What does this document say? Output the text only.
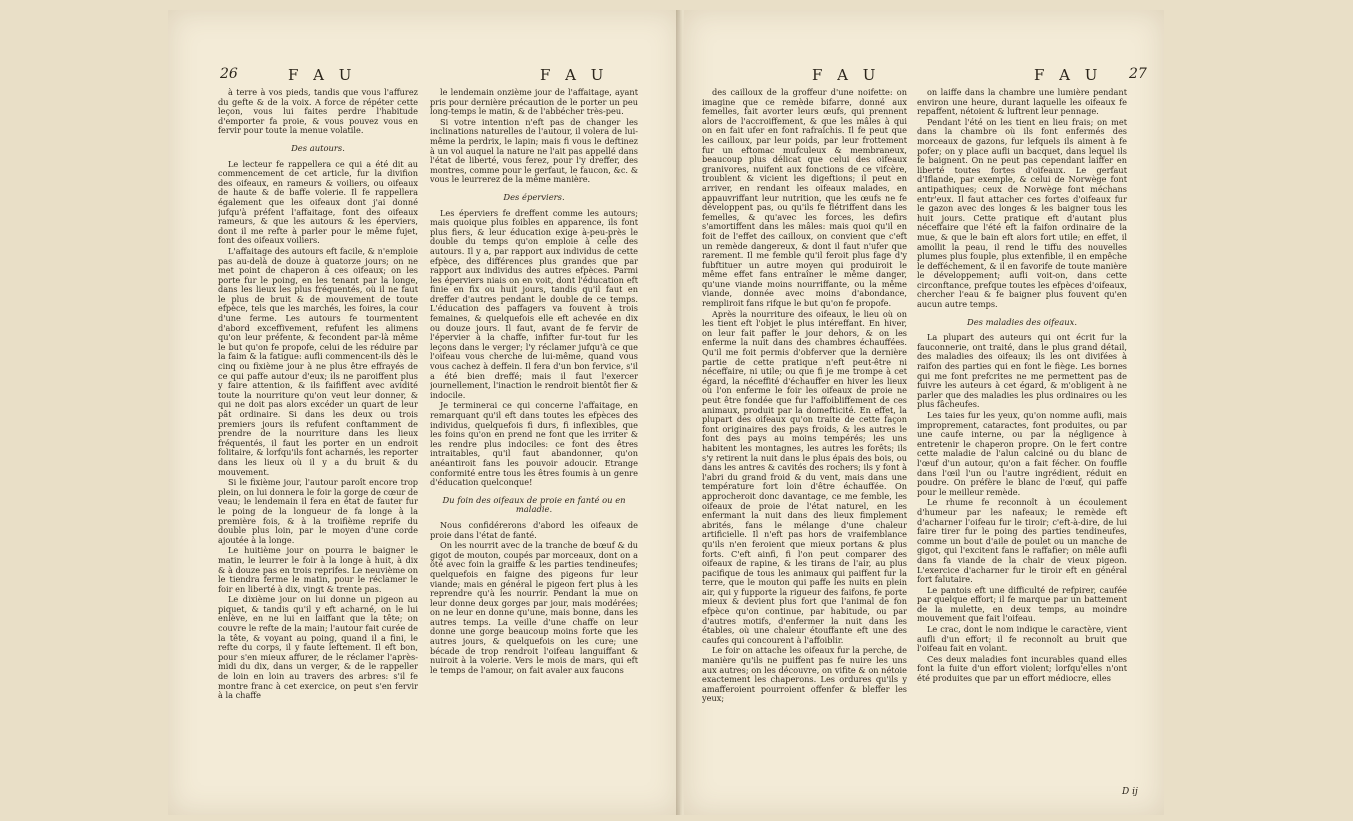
26	F A U	F A U

à terre à vos pieds, tandis que vous l'affurez du gefte & de la voix. A force de répéter cette leçon, vous lui faites perdre l'habitude d'emporter fa proie, & vous pouvez vous en fervir pour toute la menue volatile.

Des autours.

Le lecteur fe rappellera ce qui a été dit au commencement de cet article, fur la divifion des oifeaux, en rameurs & voiliers, ou oifeaux de haute & de baffe volerie. Il fe rappellera également que les oifeaux dont j'ai donné jufqu'à préfent l'affaitage, font des oifeaux rameurs, & que les autours & les éperviers, dont il me refte à parler pour le même fujet, font des oifeaux voiliers.

L'affaitage des autours eft facile, & n'emploie pas au-delà de douze à quatorze jours; on ne met point de chaperon à ces oifeaux; on les porte fur le poing, en les tenant par la longe, dans les lieux les plus fréquentés, où il ne faut le plus de bruit & de mouvement de toute efpèce, tels que les marchés, les foires, la cour d'une ferme. Les autours fe tourmentent d'abord exceffivement, refufent les alimens qu'on leur préfente, & fecondent par-là même le but qu'on fe propofe, celui de les réduire par la faim & la fatigue: aufli commencent-ils dès le cinq ou fixième jour à ne plus être effrayés de ce qui paffe autour d'eux; ils ne paroiffent plus y faire attention, & ils faififfent avec avidité toute la nourriture qu'on veut leur donner, & qui ne doit pas alors excéder un quart de leur pât ordinaire. Si dans les deux ou trois premiers jours ils refufent conftamment de prendre de la nourriture dans les lieux fréquentés, il faut les porter en un endroit folitaire, & lorfqu'ils font acharnés, les reporter dans les lieux où il y a du bruit & du mouvement.

Si le fixième jour, l'autour paroît encore trop plein, on lui donnera le foir la gorge de cœur de veau; le lendemain il fera en état de fauter fur le poing de la longueur de fa longe à la première fois, & à la troifième reprife du double plus loin, par le moyen d'une corde ajoutée à la longe.

Le huitième jour on pourra le baigner le matin, le leurrer le foir à la longe à huit, à dix & à douze pas en trois reprifes. Le neuvième on le tiendra ferme le matin, pour le réclamer le foir en liberté à dix, vingt & trente pas.

Le dixième jour on lui donne un pigeon au piquet, & tandis qu'il y eft acharné, on le lui enlève, en ne lui en laiffant que la tête; on couvre le refte de la main; l'autour fait curée de la tête, & voyant au poing, quand il a fini, le refte du corps, il y faute leftement. Il eft bon, pour s'en mieux affurer, de le réclamer l'après-midi du dix, dans un verger, & de le rappeller de loin en loin au travers des arbres: s'il fe montre franc à cet exercice, on peut s'en fervir à la chaffe

le lendemain onzième jour de l'affaitage, ayant pris pour dernière précaution de le porter un peu long-temps le matin, & de l'abbécher très-peu.

Si votre intention n'eft pas de changer les inclinations naturelles de l'autour, il volera de lui-même la perdrix, le lapin; mais fi vous le deftinez à un vol auquel la nature ne l'ait pas appellé dans l'état de liberté, vous ferez, pour l'y dreffer, des montres, comme pour le gerfaut, le faucon, &c. & vous le leurrerez de la même manière.

Des éperviers.

Les éperviers fe dreffent comme les autours; mais quoique plus foibles en apparence, ils font plus fiers, & leur éducation exige à-peu-près le double du temps qu'on emploie à celle des autours. Il y a, par rapport aux individus de cette efpèce, des différences plus grandes que par rapport aux individus des autres efpèces. Parmi les éperviers niais on en voit, dont l'éducation eft finie en fix ou huit jours, tandis qu'il faut en dreffer d'autres pendant le double de ce temps. L'éducation des paffagers va fouvent à trois femaines, & quelquefois elle eft achevée en dix ou douze jours. Il faut, avant de fe fervir de l'épervier à la chaffe, infifter fur-tout fur les leçons dans le verger; l'y réclamer jufqu'à ce que l'oifeau vous cherche de lui-même, quand vous vous cachez à deffein. Il fera d'un bon fervice, s'il a été bien dreffé; mais il faut l'exercer journellement, l'inaction le rendroit bientôt fier & indocile.

Je terminerai ce qui concerne l'affaitage, en remarquant qu'il eft dans toutes les efpèces des individus, quelquefois fi durs, fi inflexibles, que les foins qu'on en prend ne font que les irriter & les rendre plus indociles: ce font des êtres intraitables, qu'il faut abandonner, qu'on anéantiroit fans les pouvoir adoucir. Etrange conformité entre tous les êtres foumis à un genre d'éducation quelconque!

Du foin des oifeaux de proie en fanté ou en maladie.

Nous confidérerons d'abord les oifeaux de proie dans l'état de fanté.

On les nourrit avec de la tranche de bœuf & du gigot de mouton, coupés par morceaux, dont on a ôté avec foin la graiffe & les parties tendineufes; quelquefois en faigne des pigeons fur leur viande; mais en général le pigeon fert plus à les reprendre qu'à les nourrir. Pendant la mue on leur donne deux gorges par jour, mais modérées; on ne leur en donne qu'une, mais bonne, dans les autres temps. La veille d'une chaffe on leur donne une gorge beaucoup moins forte que les autres jours, & quelquefois on les cure; une bécade de trop rendroit l'oifeau languiffant & nuiroit à la volerie. Vers le mois de mars, qui eft le temps de l'amour, on fait avaler aux faucons

F A U	F A U 27

des cailloux de la groffeur d'une noifette: on imagine que ce remède bifarre, donné aux femelles, fait avorter leurs œufs, qui prennent alors de l'accroiffement, & que les mâles à qui on en fait ufer en font rafraîchis. Il fe peut que les cailloux, par leur poids, par leur frottement fur un eftomac mufculeux & membraneux, beaucoup plus délicat que celui des oifeaux granivores, nuifent aux fonctions de ce vifcère, troublent & vicient les digeftions; il peut en arriver, en rendant les oifeaux malades, en appauvriffant leur nutrition, que les œufs ne fe développent pas, ou qu'ils fe flétriffent dans les femelles, & qu'avec les forces, les defirs s'amortiffent dans les mâles: mais quoi qu'il en foit de l'effet des cailloux, on convient que c'eft un remède dangereux, & dont il faut n'ufer que rarement. Il me femble qu'il feroit plus fage d'y fubftituer un autre moyen qui produiroit le même effet fans entraîner le même danger, qu'une viande moins nourriffante, ou la même viande, donnée avec moins d'abondance, rempliroit fans rifque le but qu'on fe propofe.

Après la nourriture des oifeaux, le lieu où on les tient eft l'objet le plus intéreffant. En hiver, on leur fait paffer le jour dehors, & on les enferme la nuit dans des chambres échauffées. Qu'il me foit permis d'obferver que la dernière partie de cette pratique n'eft peut-être ni néceffaire, ni utile; ou que fi je me trompe à cet égard, la néceffité d'échauffer en hiver les lieux où l'on enferme le foir les oifeaux de proie ne peut être fondée que fur l'affoibliffement de ces animaux, produit par la domefticité. En effet, la plupart des oifeaux qu'on traite de cette façon font originaires des pays froids, & les autres le font des pays au moins tempérés; les uns habitent les montagnes, les autres les forêts; ils s'y retirent la nuit dans le plus épais des bois, ou dans les antres & cavités des rochers; ils y font à l'abri du grand froid & du vent, mais dans une température fort loin d'être échauffée. On approcheroit donc davantage, ce me femble, les oifeaux de proie de l'état naturel, en les enfermant la nuit dans des lieux fimplement abrités, fans le mélange d'une chaleur artificielle. Il n'eft pas hors de vraifemblance qu'ils n'en feroient que mieux portans & plus forts. C'eft ainfi, fi l'on peut comparer des oifeaux de rapine, & les tirans de l'air, au plus pacifique de tous les animaux qui paiffent fur la terre, que le mouton qui paffe les nuits en plein air, qui y fupporte la rigueur des faifons, fe porte mieux & devient plus fort que l'animal de fon efpèce qu'on continue, par habitude, ou par d'autres motifs, d'enfermer la nuit dans les étables, où une chaleur étouffante eft une des caufes qui concourent à l'affoiblir.

Le foir on attache les oifeaux fur la perche, de manière qu'ils ne puiffent pas fe nuire les uns aux autres; on les découvre, on vifite & on nétoie exactement les chaperons. Les ordures qu'ils y amafferoient pourroient offenfer & bleffer les yeux;

on laiffe dans la chambre une lumière pendant environ une heure, durant laquelle les oifeaux fe repaffent, nétoient & luftrent leur pennage.

Pendant l'été on les tient en lieu frais; on met dans la chambre où ils font enfermés des morceaux de gazons, fur lefquels ils aiment à fe pofer; on y place aufli un bacquet, dans lequel ils fe baignent. On ne peut pas cependant laiffer en liberté toutes fortes d'oifeaux. Le gerfaut d'Iflande, par exemple, & celui de Norwège font antipathiques; ceux de Norwège font méchans entr'eux. Il faut attacher ces fortes d'oifeaux fur le gazon avec des longes & les baigner tous les huit jours. Cette pratique eft d'autant plus néceffaire que l'été eft la faifon ordinaire de la mue, & que le bain eft alors fort utile; en effet, il amollit la peau, il rend le tiffu des nouvelles plumes plus fouple, plus extenfible, il en empêche le defféchement, & il en favorife de toute manière le développement; aufli voit-on, dans cette circonftance, prefque toutes les efpèces d'oifeaux, chercher l'eau & fe baigner plus fouvent qu'en aucun autre temps.

Des maladies des oifeaux.

La plupart des auteurs qui ont écrit fur la fauconnerie, ont traité, dans le plus grand détail, des maladies des oifeaux; ils les ont divifées à raifon des parties qui en font le fiège. Les bornes qui me font prefcrites ne me permettent pas de fuivre les auteurs à cet égard, & m'obligent à ne parler que des maladies les plus ordinaires ou les plus fâcheufes.

Les taies fur les yeux, qu'on nomme aufli, mais improprement, cataractes, font produites, ou par une caufe interne, ou par la négligence à entretenir le chaperon propre. On le fert contre cette maladie de l'alun calciné ou du blanc de l'œuf d'un autour, qu'on a fait fécher. On fouffle dans l'œil l'un ou l'autre ingrédient, réduit en poudre. On préfère le blanc de l'œuf, qui paffe pour le meilleur remède.

Le rhume fe reconnoît à un écoulement d'humeur par les nafeaux; le remède eft d'acharner l'oifeau fur le tiroir; c'eft-à-dire, de lui faire tirer fur le poing des parties tendineufes, comme un bout d'aile de poulet ou un manche de gigot, qui l'excitent fans le raffafier; on mêle aufli dans fa viande de la chair de vieux pigeon. L'exercice d'acharner fur le tiroir eft en général fort falutaire.

Le pantois eft une difficulté de refpirer, caufée par quelque effort; il fe marque par un battement de la mulette, en deux temps, au moindre mouvement que fait l'oifeau.

Le crac, dont le nom indique le caractère, vient aufli d'un effort; il fe reconnoît au bruit que l'oifeau fait en volant.

Ces deux maladies font incurables quand elles font la fuite d'un effort violent; lorfqu'elles n'ont été produites que par un effort médiocre, elles

D ij
